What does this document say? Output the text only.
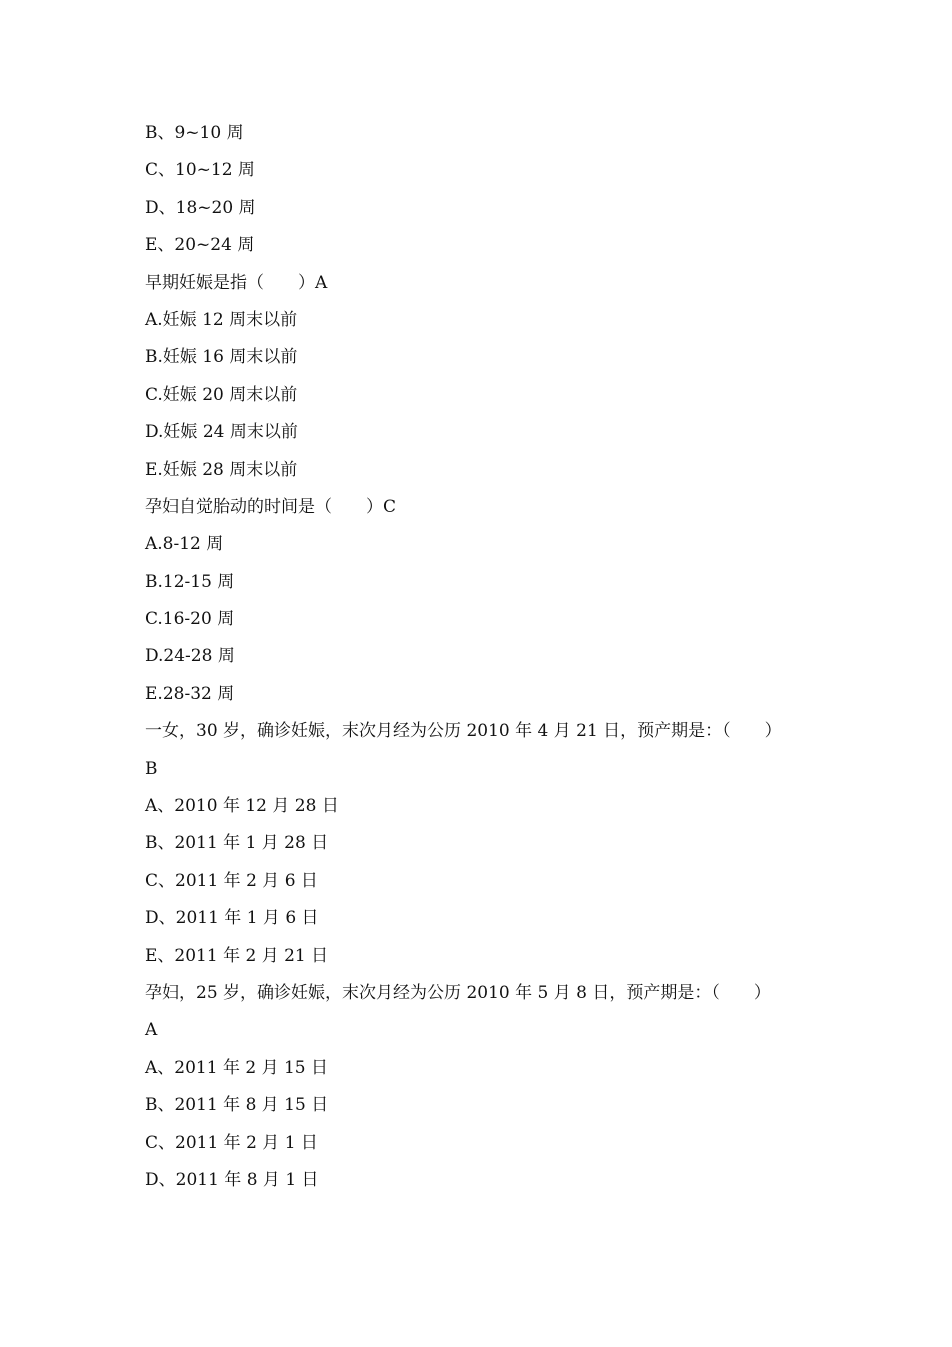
B、9~10 周
C、10~12 周
D、18~20 周
E、20~24 周
早期妊娠是指（ ）A
A.妊娠 12 周末以前
B.妊娠 16 周末以前
C.妊娠 20 周末以前
D.妊娠 24 周末以前
E.妊娠 28 周末以前
孕妇自觉胎动的时间是（ ）C
A.8-12 周
B.12-15 周
C.16-20 周
D.24-28 周
E.28-32 周
一女，30 岁，确诊妊娠，末次月经为公历 2010 年 4 月 21 日，预产期是：（ ）
B
A、2010 年 12 月 28 日
B、2011 年 1 月 28 日
C、2011 年 2 月 6 日
D、2011 年 1 月 6 日
E、2011 年 2 月 21 日
孕妇，25 岁，确诊妊娠，末次月经为公历 2010 年 5 月 8 日，预产期是：（ ）
A
A、2011 年 2 月 15 日
B、2011 年 8 月 15 日
C、2011 年 2 月 1 日
D、2011 年 8 月 1 日
